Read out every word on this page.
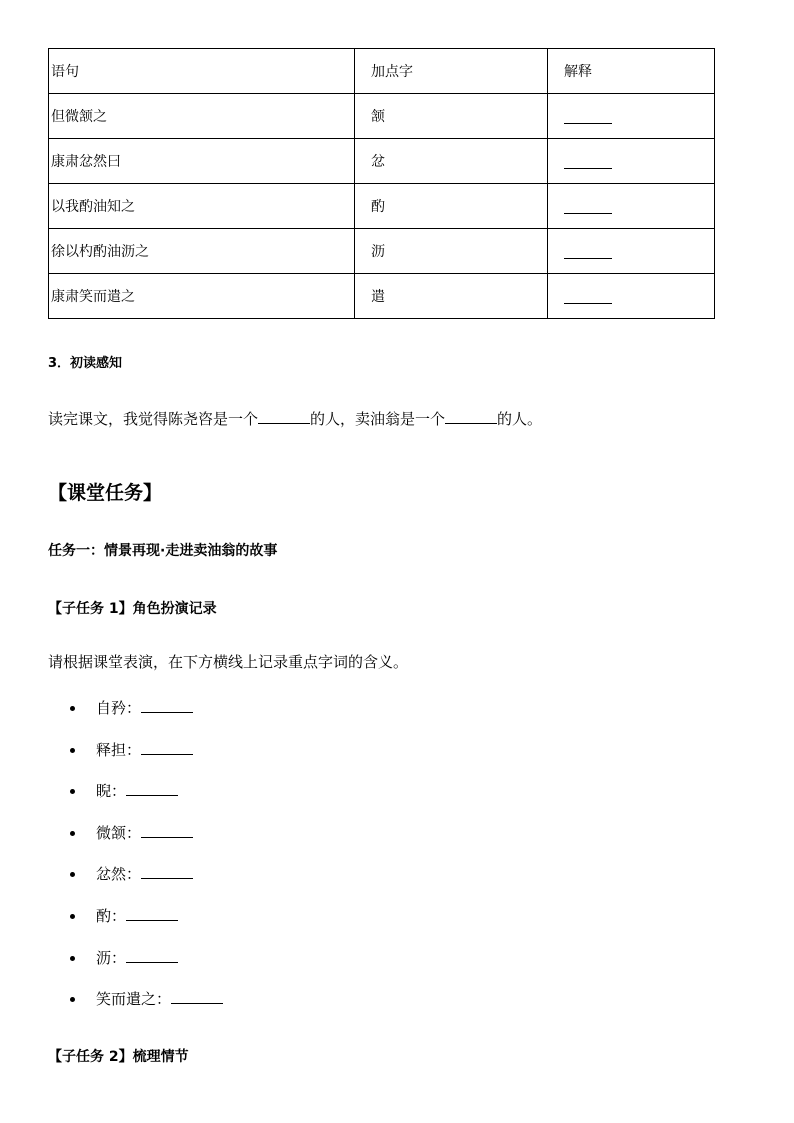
语句	加点字	解释
但微颔之	颔	
康肃忿然曰	忿	
以我酌油知之	酌	
徐以杓酌油沥之	沥	
康肃笑而遣之	遣	
3．初读感知
读完课文，我觉得陈尧咨是一个	的人，卖油翁是一个	的人。
【课堂任务】
任务一：情景再现·走进卖油翁的故事
【子任务 1】角色扮演记录
请根据课堂表演，在下方横线上记录重点字词的含义。
自矜：
释担：
睨：
微颔：
忿然：
酌：
沥：
笑而遣之：
【子任务 2】梳理情节
